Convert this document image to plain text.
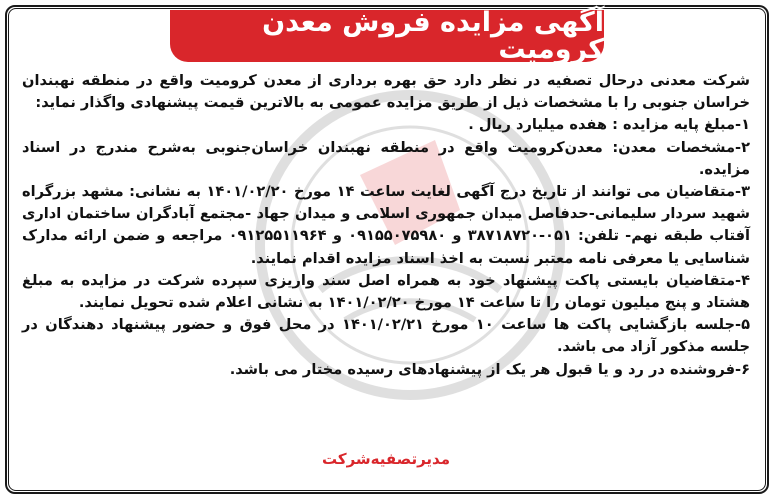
آگهی مزایده فروش معدن کرومیت

شرکت معدنی درحال تصفیه در نظر دارد حق بهره برداری از معدن کرومیت واقع در منطقه نهبندان خراسان جنوبی را با مشخصات ذیل از طریق مزایده عمومی به بالاترین قیمت پیشنهادی واگذار نماید:

۱-مبلغ پایه مزایده : هفده میلیارد ریال .

۲-مشخصات معدن: معدن‌کرومیت واقع در منطقه نهبندان خراسان‌جنوبی به‌شرح مندرج در اسناد مزایده.

۳-متقاضیان می توانند از تاریخ درج آگهی لغایت ساعت ۱۴ مورخ ۱۴۰۱/۰۲/۲۰ به نشانی: مشهد بزرگراه شهید سردار سلیمانی-حدفاصل میدان جمهوری اسلامی و میدان جهاد -مجتمع آبادگران ساختمان اداری آفتاب طبقه نهم- تلفن: ۰۵۱-۳۸۷۱۸۷۲۰ و ۰۹۱۵۵۰۷۵۹۸۰ و ۰۹۱۲۵۵۱۱۹۶۴ مراجعه و ضمن ارائه مدارک شناسایی یا معرفی نامه معتبر نسبت به اخذ اسناد مزایده اقدام نمایند.

۴-متقاضیان بایستی پاکت پیشنهاد خود به همراه اصل سند واریزی سپرده شرکت در مزایده به مبلغ هشتاد و پنج میلیون تومان را تا ساعت ۱۴ مورخ ۱۴۰۱/۰۲/۲۰ به نشانی اعلام شده تحویل نمایند.

۵-جلسه بازگشایی پاکت ها ساعت ۱۰ مورخ ۱۴۰۱/۰۲/۲۱ در محل فوق و حضور پیشنهاد دهندگان در جلسه مذکور آزاد می باشد.

۶-فروشنده در رد و یا قبول هر یک از پیشنهادهای رسیده مختار می باشد.

مدیر‌تصفیه‌شرکت
